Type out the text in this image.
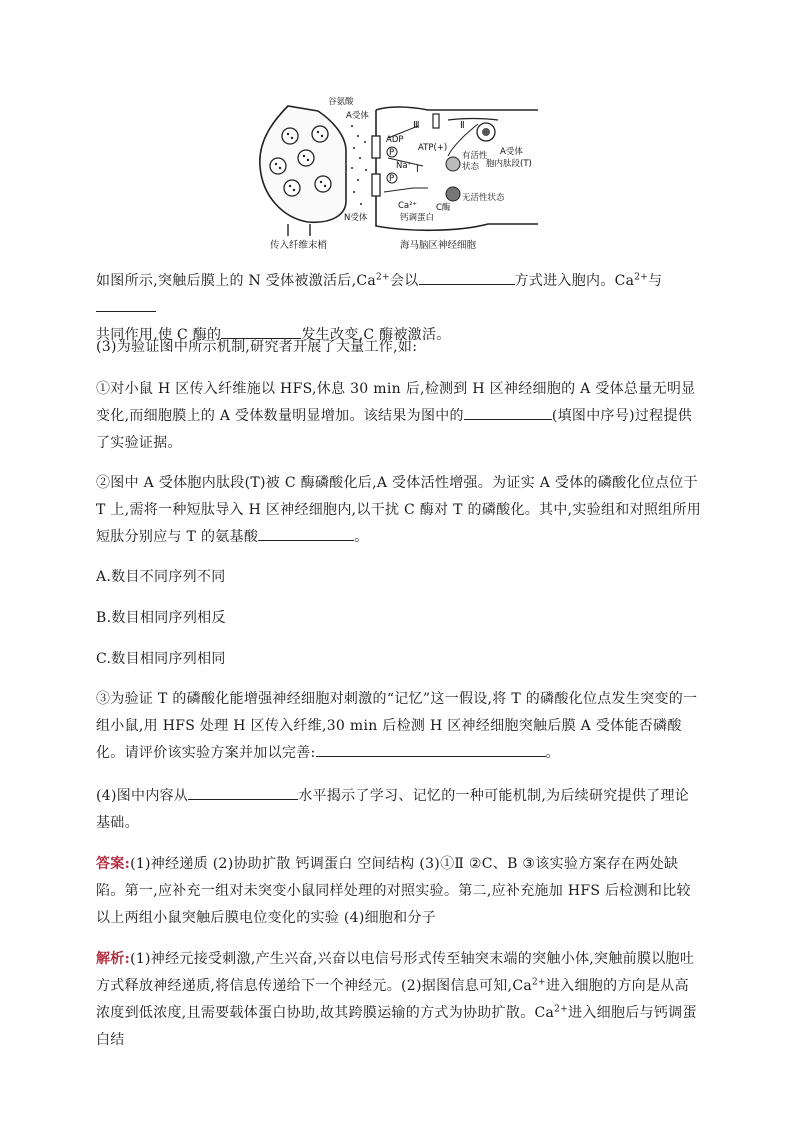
谷氨酸
A受体
ADP
ATP(+)
Ⅲ	Ⅱ
Ⅰ
Na⁺
P
P
有活性
状态
A受体
胞内肽段(T)
Ca²⁺ C酶
无活性状态
N受体	钙调蛋白
传入纤维末梢	海马脑区神经细胞

如图所示,突触后膜上的 N 受体被激活后$,Ca^{2+}$会以	方式进入胞内。$Ca^{2+}$与
共同作用,使 C 酶的	发生改变,C 酶被激活。

(3)为验证图中所示机制,研究者开展了大量工作,如:

①对小鼠 H 区传入纤维施以 HFS,休息 30 min 后,检测到 H 区神经细胞的 A 受体总量无明显变化,而细胞膜上的 A 受体数量明显增加。该结果为图中的	(填图中序号)过程提供了实验证据。

②图中 A 受体胞内肽段(T)被 C 酶磷酸化后,A 受体活性增强。为证实 A 受体的磷酸化位点位于 T 上,需将一种短肽导入 H 区神经细胞内,以干扰 C 酶对 T 的磷酸化。其中,实验组和对照组所用短肽分别应与 T 的氨基酸	。

A.数目不同序列不同

B.数目相同序列相反

C.数目相同序列相同

③为验证 T 的磷酸化能增强神经细胞对刺激的“记忆”这一假设,将 T 的磷酸化位点发生突变的一组小鼠,用 HFS 处理 H 区传入纤维,30 min 后检测 H 区神经细胞突触后膜 A 受体能否磷酸化。请评价该实验方案并加以完善:	。

(4)图中内容从	水平揭示了学习、记忆的一种可能机制,为后续研究提供了理论基础。

答案:(1)神经递质 (2)协助扩散 钙调蛋白 空间结构 (3)①Ⅱ ②C、B ③该实验方案存在两处缺陷。第一,应补充一组对未突变小鼠同样处理的对照实验。第二,应补充施加 HFS 后检测和比较以上两组小鼠突触后膜电位变化的实验 (4)细胞和分子

解析:(1)神经元接受刺激,产生兴奋,兴奋以电信号形式传至轴突末端的突触小体,突触前膜以胞吐方式释放神经递质,将信息传递给下一个神经元。(2)据图信息可知$,Ca^{2+}$进入细胞的方向是从高浓度到低浓度,且需要载体蛋白协助,故其跨膜运输的方式为协助扩散。$Ca^{2+}$进入细胞后与钙调蛋白结
